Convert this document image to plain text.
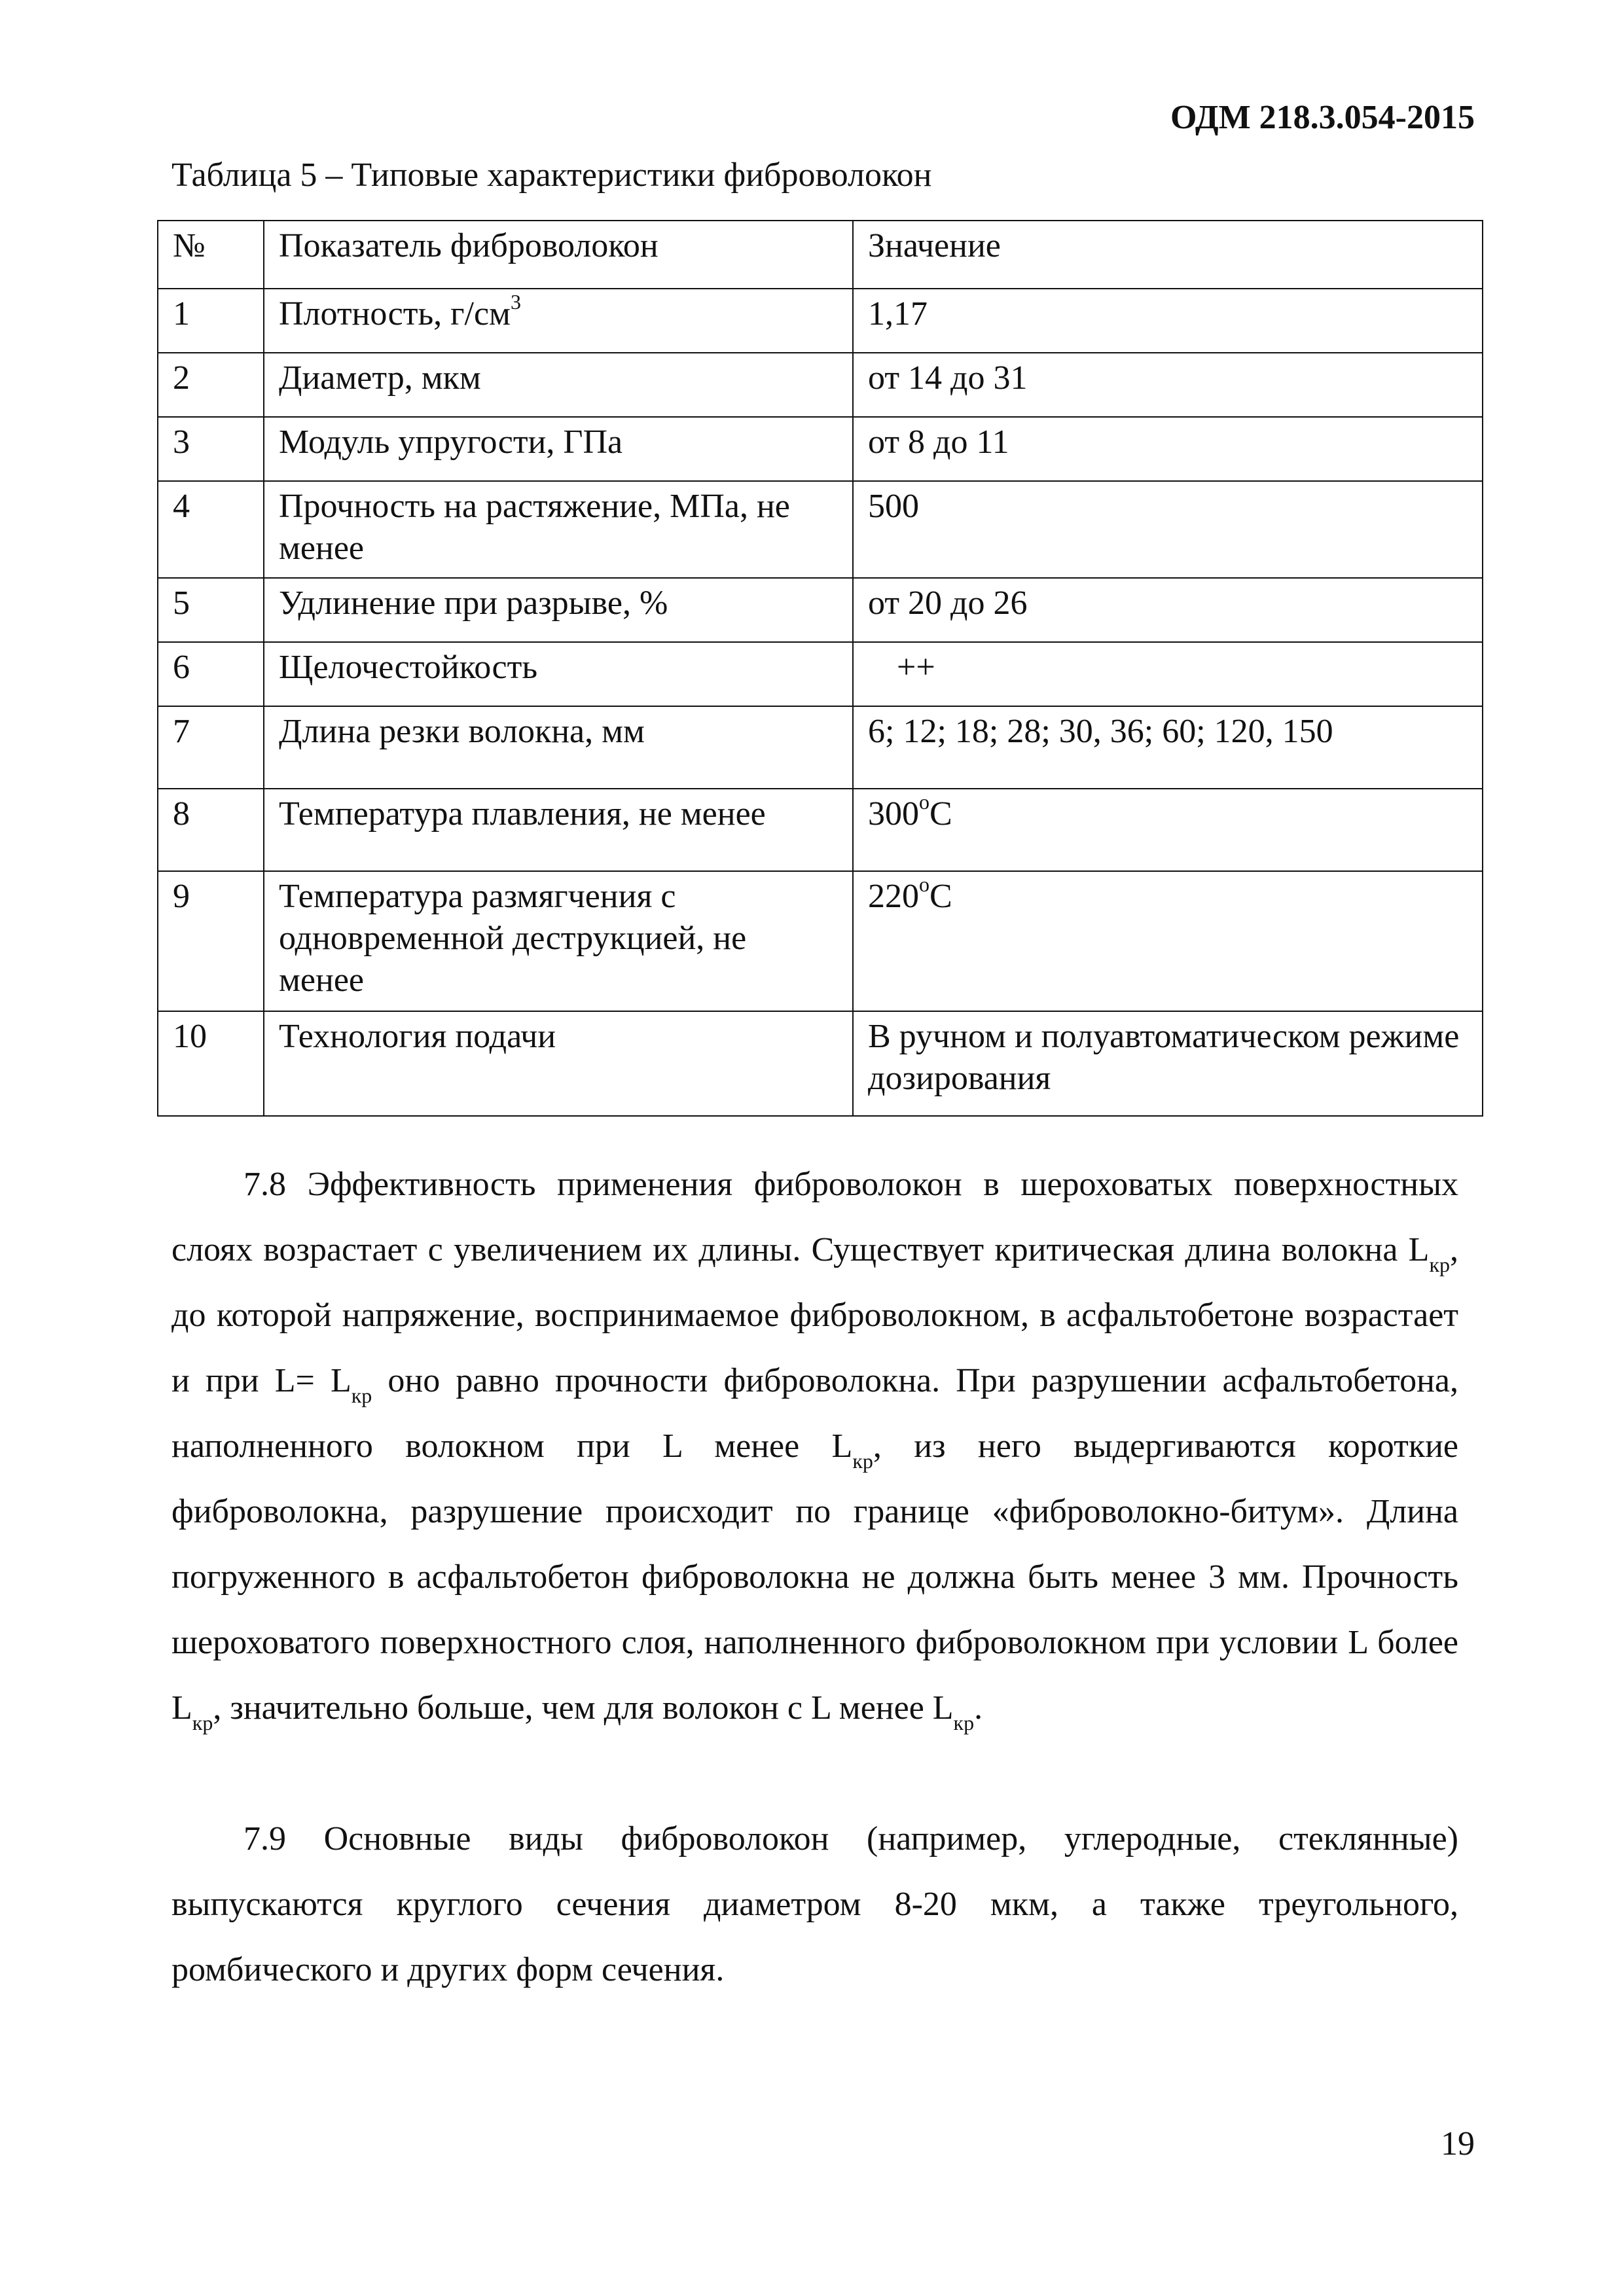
ОДМ 218.3.054-2015
Таблица 5 – Типовые характеристики фиброволокон
№	Показатель фиброволокон	Значение
1	Плотность, $г/см^3$	1,17
2	Диаметр, мкм	от 14 до 31
3	Модуль упругости, ГПа	от 8 до 11
4	Прочность на растяжение, МПа, не менее	500
5	Удлинение при разрыве, %	от 20 до 26
6	Щелочестойкость	++
7	Длина резки волокна, мм	6; 12; 18; 28; 30, 36; 60; 120, 150
8	Температура плавления, не менее	$300^оС$
9	Температура размягчения с одновременной деструкцией, не менее	$220^оС$
10	Технология подачи	В ручном и полуавтоматическом режиме дозирования

7.8 Эффективность применения фиброволокон в шероховатых поверхностных слоях возрастает с увеличением их длины. Существует критическая длина волокна $L_{кр}$, до которой напряжение, воспринимаемое фиброволокном, в асфальтобетоне возрастает и при $L= L_{кр}$ оно равно прочности фиброволокна. При разрушении асфальтобетона, наполненного волокном при L менее $L_{кр}$, из него выдергиваются короткие фиброволокна, разрушение происходит по границе «фиброволокно-битум». Длина погруженного в асфальтобетон фиброволокна не должна быть менее 3 мм. Прочность шероховатого поверхностного слоя, наполненного фиброволокном при условии L более $L_{кр}$, значительно больше, чем для волокон с L менее $L_{кр}$.

7.9 Основные виды фиброволокон (например, углеродные, стеклянные) выпускаются круглого сечения диаметром 8-20 мкм, а также треугольного, ромбического и других форм сечения.

19
